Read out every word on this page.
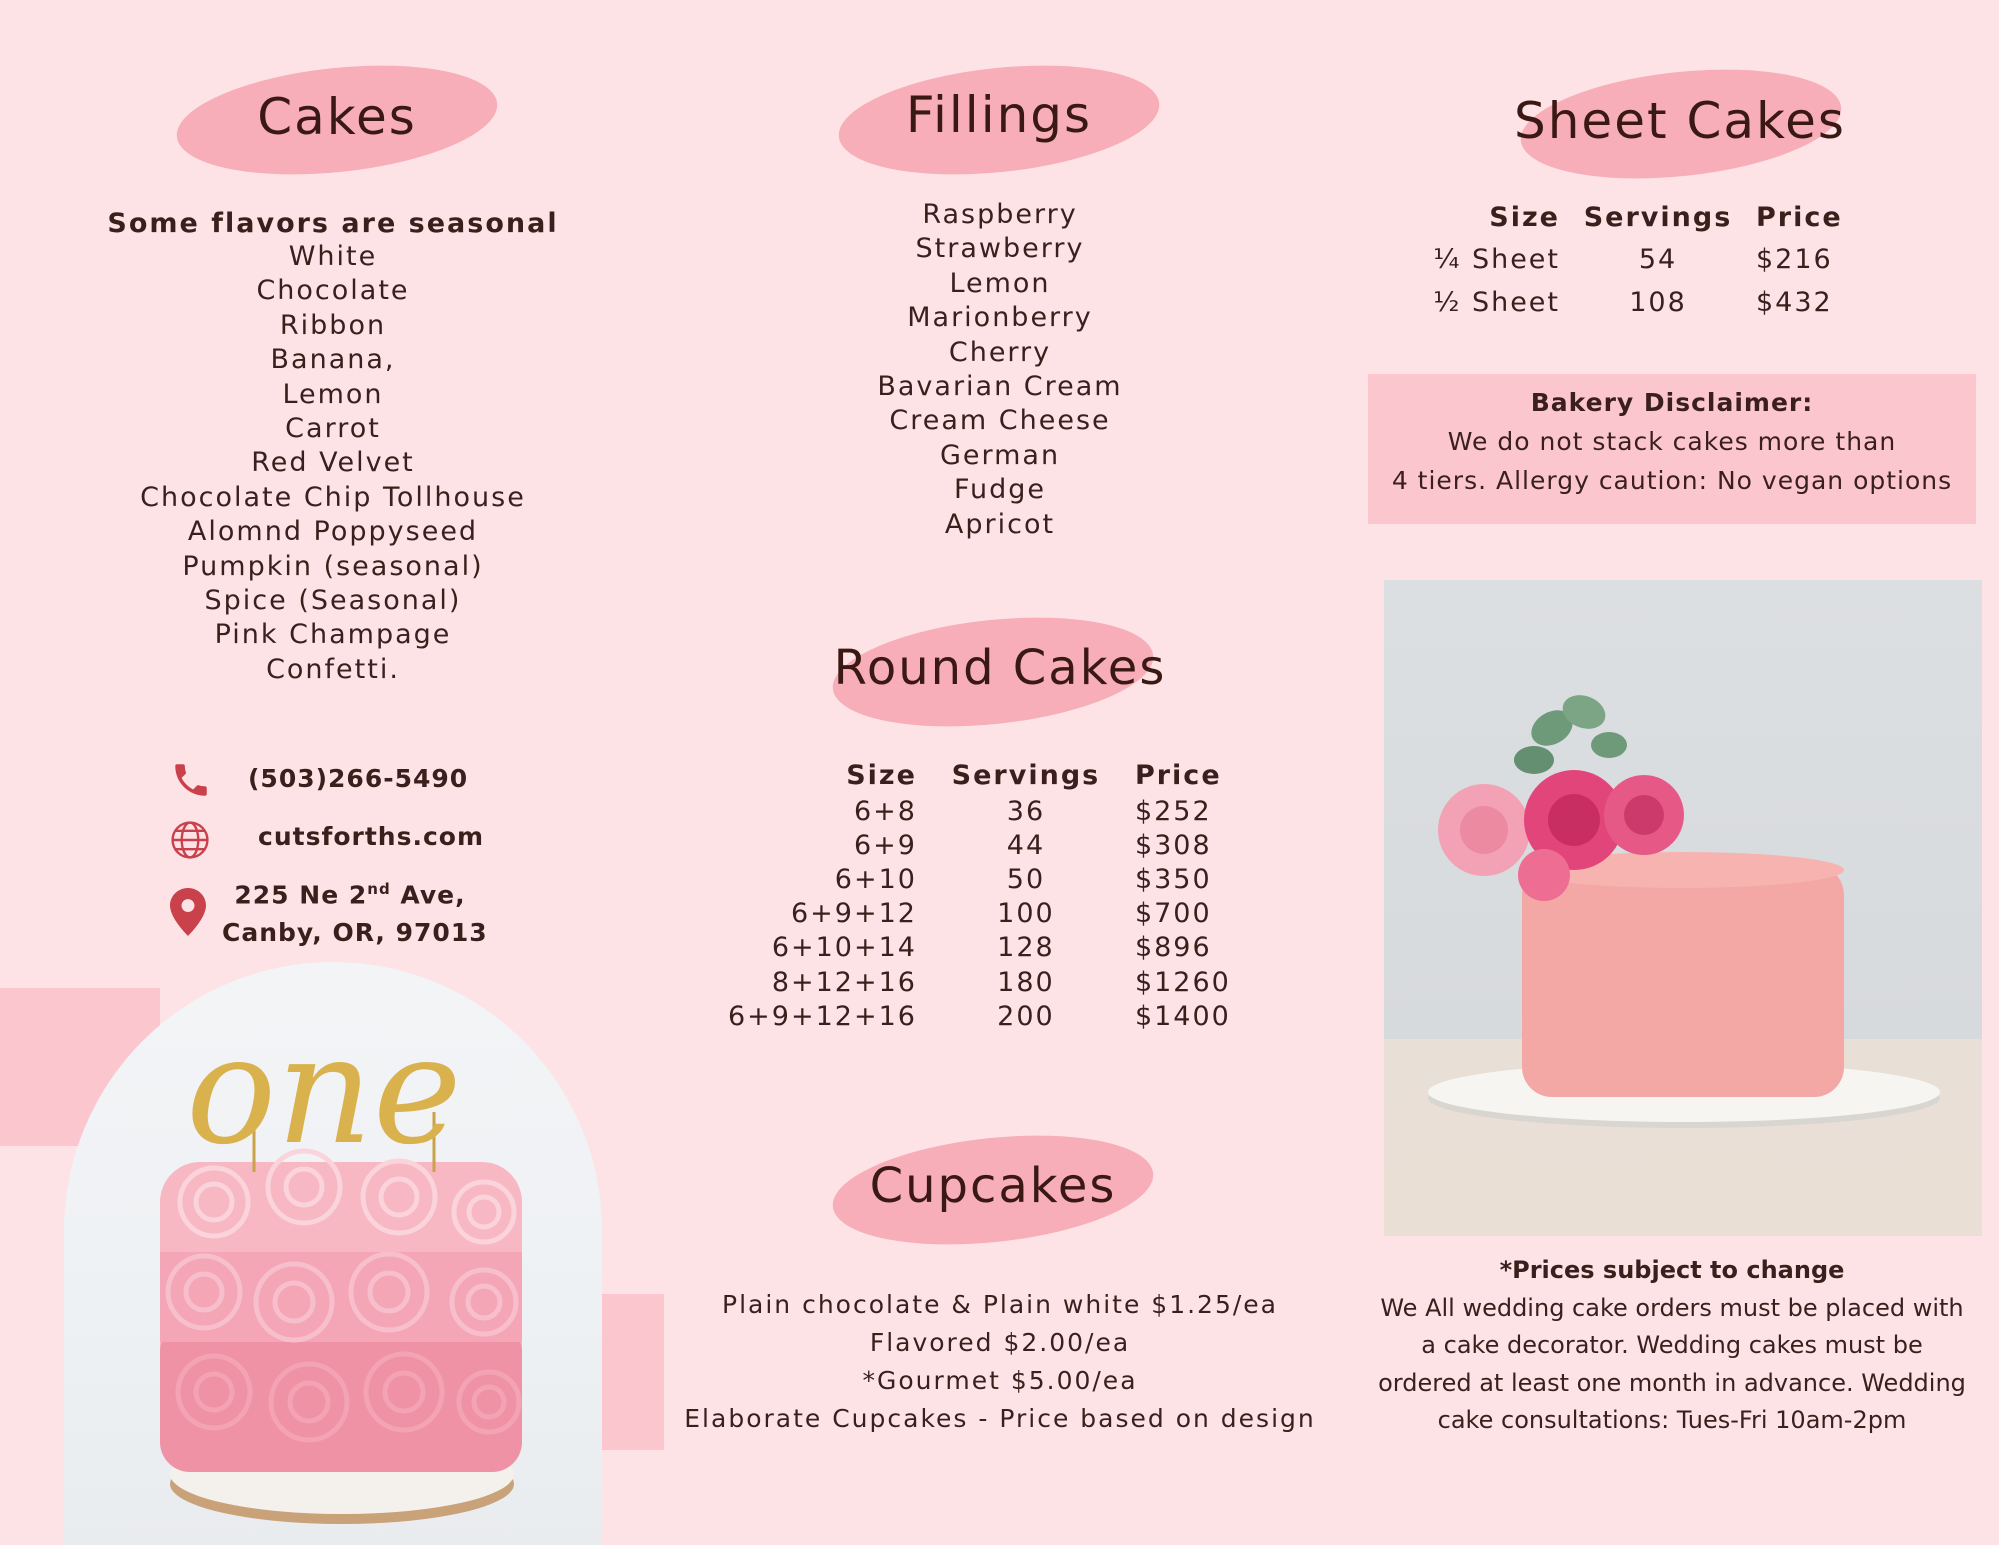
Cakes
Some flavors are seasonal
White
Chocolate
Ribbon
Banana,
Lemon
Carrot
Red Velvet
Chocolate Chip Tollhouse
Alomnd Poppyseed
Pumpkin (seasonal)
Spice (Seasonal)
Pink Champage
Confetti.
(503)266-5490
cutsforths.com
225 Ne 2nd Ave,
Canby, OR, 97013
one
Fillings
Raspberry
Strawberry
Lemon
Marionberry
Cherry
Bavarian Cream
Cream Cheese
German
Fudge
Apricot
Round Cakes
Size	Servings	Price
6+8	36	$252
6+9	44	$308
6+10	50	$350
6+9+12	100	$700
6+10+14	128	$896
8+12+16	180	$1260
6+9+12+16	200	$1400
Cupcakes
Plain chocolate & Plain white $1.25/ea
Flavored $2.00/ea
*Gourmet $5.00/ea
Elaborate Cupcakes - Price based on design
Sheet Cakes
Size	Servings	Price
¼ Sheet	54	$216
½ Sheet	108	$432
Bakery Disclaimer:
We do not stack cakes more than
4 tiers. Allergy caution: No vegan options
*Prices subject to change
We All wedding cake orders must be placed with
a cake decorator. Wedding cakes must be
ordered at least one month in advance. Wedding
cake consultations: Tues-Fri 10am-2pm
